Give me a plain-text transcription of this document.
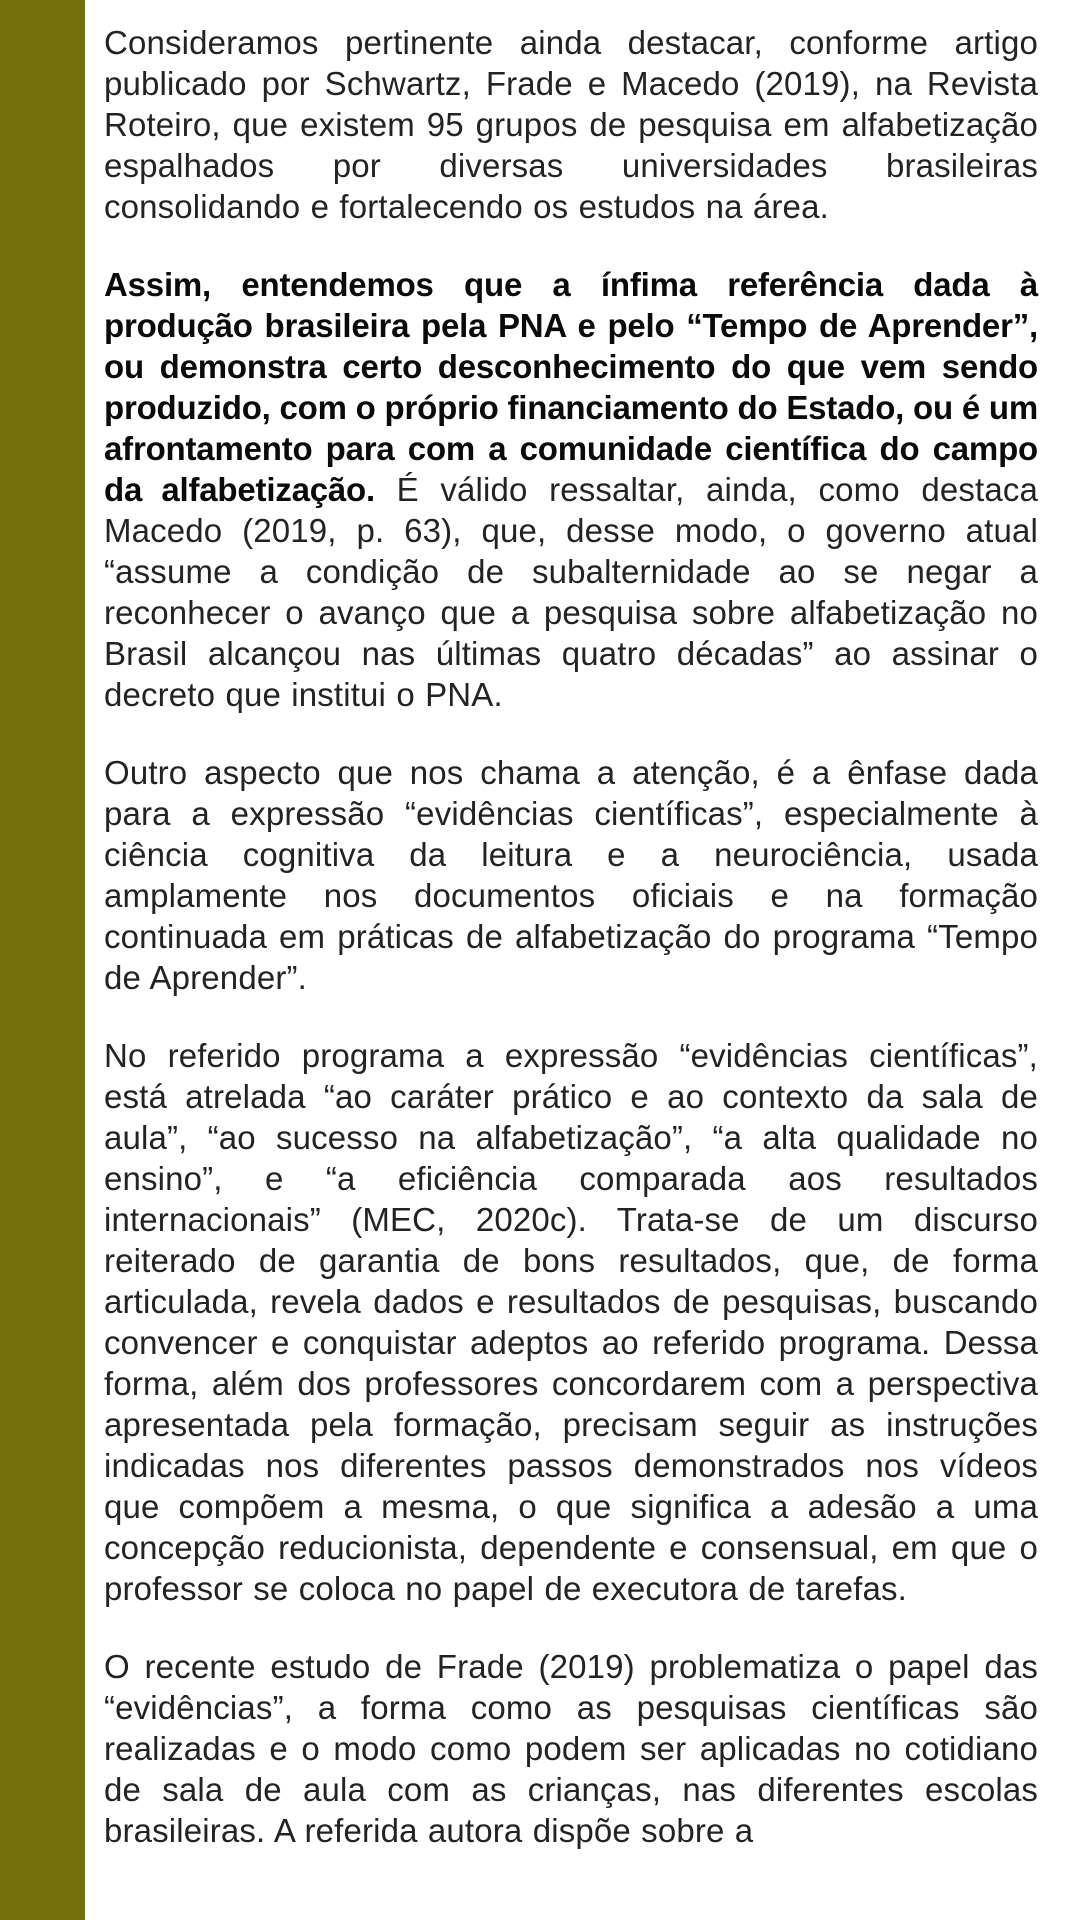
Consideramos pertinente ainda destacar, conforme artigo publicado por Schwartz, Frade e Macedo (2019), na Revista Roteiro, que existem 95 grupos de pesquisa em alfabetização espalhados por diversas universidades brasileiras consolidando e fortalecendo os estudos na área.

Assim, entendemos que a ínfima referência dada à produção brasileira pela PNA e pelo “Tempo de Aprender”, ou demonstra certo desconhecimento do que vem sendo produzido, com o próprio financiamento do Estado, ou é um afrontamento para com a comunidade científica do campo da alfabetização. É válido ressaltar, ainda, como destaca Macedo (2019, p. 63), que, desse modo, o governo atual “assume a condição de subalternidade ao se negar a reconhecer o avanço que a pesquisa sobre alfabetização no Brasil alcançou nas últimas quatro décadas” ao assinar o decreto que institui o PNA.

Outro aspecto que nos chama a atenção, é a ênfase dada para a expressão “evidências científicas”, especialmente à ciência cognitiva da leitura e a neurociência, usada amplamente nos documentos oficiais e na formação continuada em práticas de alfabetização do programa “Tempo de Aprender”.

No referido programa a expressão “evidências científicas”, está atrelada “ao caráter prático e ao contexto da sala de aula”, “ao sucesso na alfabetização”, “a alta qualidade no ensino”, e “a eficiência comparada aos resultados internacionais” (MEC, 2020c). Trata-se de um discurso reiterado de garantia de bons resultados, que, de forma articulada, revela dados e resultados de pesquisas, buscando convencer e conquistar adeptos ao referido programa. Dessa forma, além dos professores concordarem com a perspectiva apresentada pela formação, precisam seguir as instruções indicadas nos diferentes passos demonstrados nos vídeos que compõem a mesma, o que significa a adesão a uma concepção reducionista, dependente e consensual, em que o professor se coloca no papel de executora de tarefas.

O recente estudo de Frade (2019) problematiza o papel das “evidências”, a forma como as pesquisas científicas são realizadas e o modo como podem ser aplicadas no cotidiano de sala de aula com as crianças, nas diferentes escolas brasileiras. A referida autora dispõe sobre a
